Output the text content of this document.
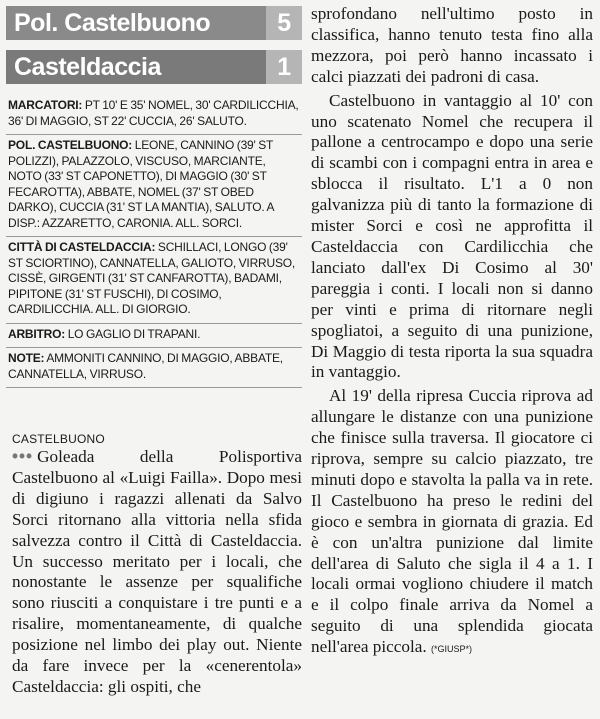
Pol. Castelbuono	5
Casteldaccia	1
MARCATORI: PT 10' E 35' NOMEL, 30' CARDILICCHIA, 36' DI MAGGIO, ST 22' CUCCIA, 26' SALUTO.
POL. CASTELBUONO: LEONE, CANNINO (39' ST POLIZZI), PALAZZOLO, VISCUSO, MARCIANTE, NOTO (33' ST CAPONETTO), DI MAGGIO (30' ST FECAROTTA), ABBATE, NOMEL (37' ST OBED DARKO), CUCCIA (31' ST LA MANTIA), SALUTO. A DISP.: AZZARETTO, CARONIA. ALL. SORCI.
CITTÀ DI CASTELDACCIA: SCHILLACI, LONGO (39' ST SCIORTINO), CANNATELLA, GALIOTO, VIRRUSO, CISSÈ, GIRGENTI (31' ST CANFAROTTA), BADAMI, PIPITONE (31' ST FUSCHI), DI COSIMO, CARDILICCHIA. ALL. DI GIORGIO.
ARBITRO: LO GAGLIO DI TRAPANI.
NOTE: AMMONITI CANNINO, DI MAGGIO, ABBATE, CANNATELLA, VIRRUSO.
CASTELBUONO

••• Goleada della Polisportiva Castelbuono al «Luigi Failla». Dopo mesi di digiuno i ragazzi allenati da Salvo Sorci ritornano alla vittoria nella sfida salvezza contro il Città di Casteldaccia. Un successo meritato per i locali, che nonostante le assenze per squalifiche sono riusciti a conquistare i tre punti e a risalire, momentaneamente, di qualche posizione nel limbo dei play out. Niente da fare invece per la «cenerentola» Casteldaccia: gli ospiti, che

sprofondano nell'ultimo posto in classifica, hanno tenuto testa fino alla mezzora, poi però hanno incassato i calci piazzati dei padroni di casa.

Castelbuono in vantaggio al 10' con uno scatenato Nomel che recupera il pallone a centrocampo e dopo una serie di scambi con i compagni entra in area e sblocca il risultato. L'1 a 0 non galvanizza più di tanto la formazione di mister Sorci e così ne approfitta il Casteldaccia con Cardilicchia che lanciato dall'ex Di Cosimo al 30' pareggia i conti. I locali non si danno per vinti e prima di ritornare negli spogliatoi, a seguito di una punizione, Di Maggio di testa riporta la sua squadra in vantaggio.

Al 19' della ripresa Cuccia riprova ad allungare le distanze con una punizione che finisce sulla traversa. Il giocatore ci riprova, sempre su calcio piazzato, tre minuti dopo e stavolta la palla va in rete. Il Castelbuono ha preso le redini del gioco e sembra in giornata di grazia. Ed è con un'altra punizione dal limite dell'area di Saluto che sigla il 4 a 1. I locali ormai vogliono chiudere il match e il colpo finale arriva da Nomel a seguito di una splendida giocata nell'area piccola. (*GIUSP*)
